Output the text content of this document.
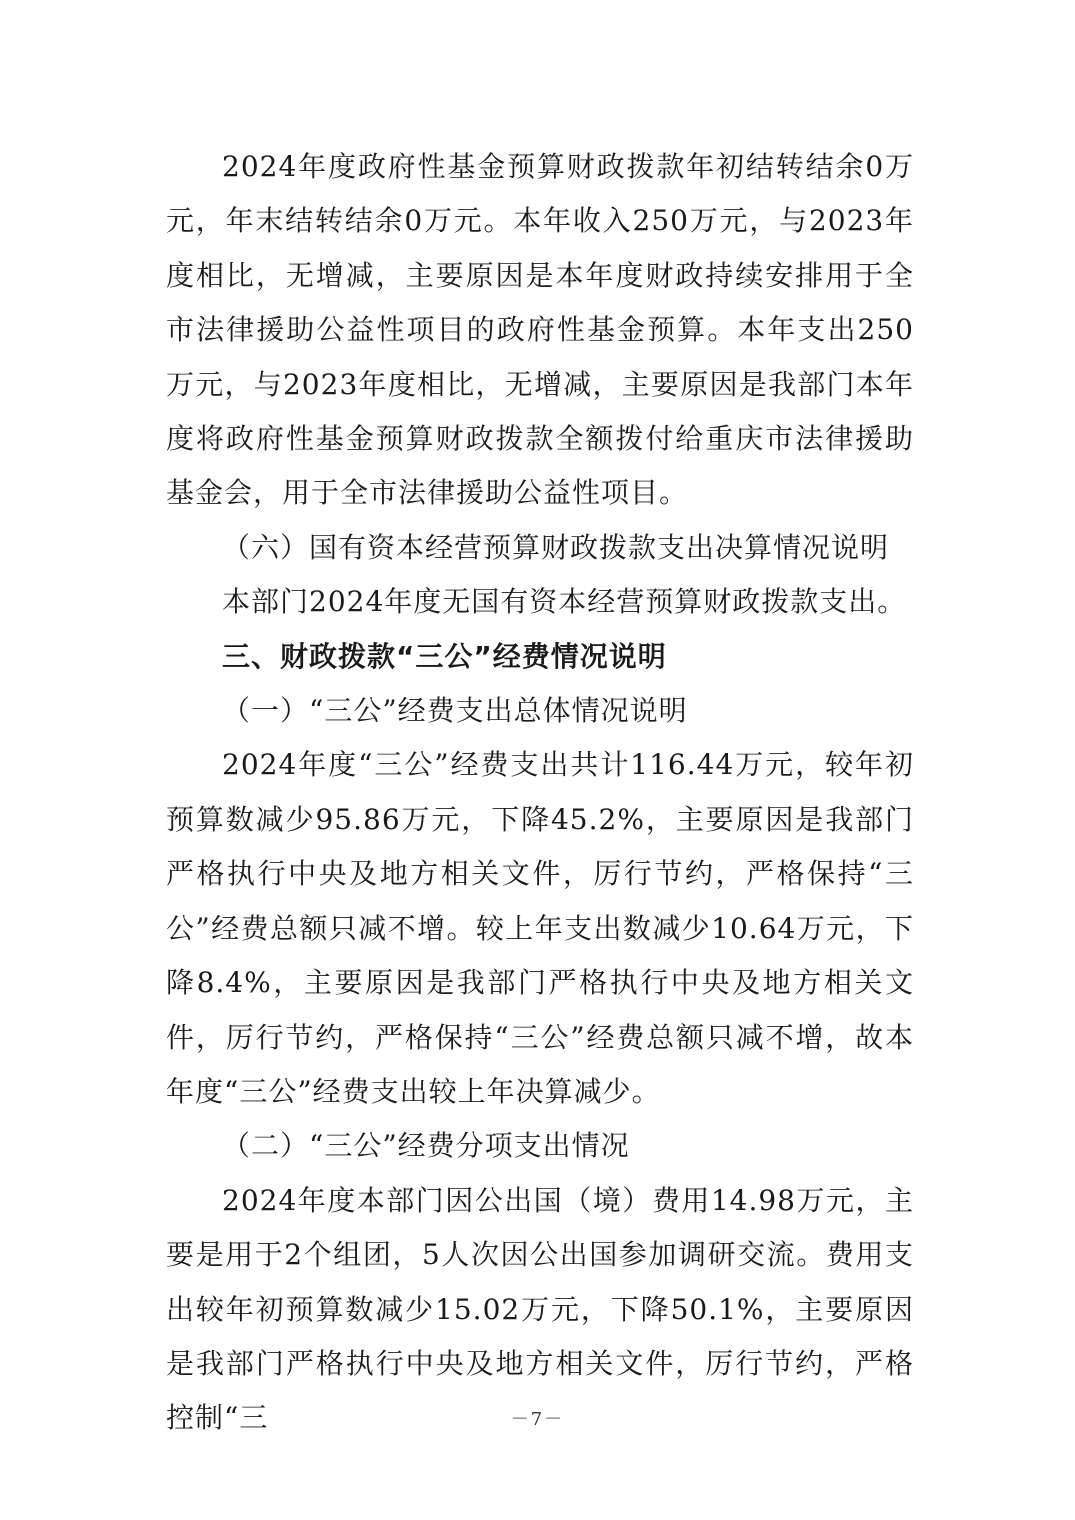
2024年度政府性基金预算财政拨款年初结转结余0万元，年末结转结余0万元。本年收入250万元，与2023年度相比，无增减，主要原因是本年度财政持续安排用于全市法律援助公益性项目的政府性基金预算。本年支出250万元，与2023年度相比，无增减，主要原因是我部门本年度将政府性基金预算财政拨款全额拨付给重庆市法律援助基金会，用于全市法律援助公益性项目。

（六）国有资本经营预算财政拨款支出决算情况说明

本部门2024年度无国有资本经营预算财政拨款支出。

三、财政拨款“三公”经费情况说明

（一）“三公”经费支出总体情况说明

2024年度“三公”经费支出共计116.44万元，较年初预算数减少95.86万元，下降45.2%，主要原因是我部门严格执行中央及地方相关文件，厉行节约，严格保持“三公”经费总额只减不增。较上年支出数减少10.64万元，下降8.4%，主要原因是我部门严格执行中央及地方相关文件，厉行节约，严格保持“三公”经费总额只减不增，故本年度“三公”经费支出较上年决算减少。

（二）“三公”经费分项支出情况

2024年度本部门因公出国（境）费用14.98万元，主要是用于2个组团，5人次因公出国参加调研交流。费用支出较年初预算数减少15.02万元，下降50.1%，主要原因是我部门严格执行中央及地方相关文件，厉行节约，严格控制“三	－7－
